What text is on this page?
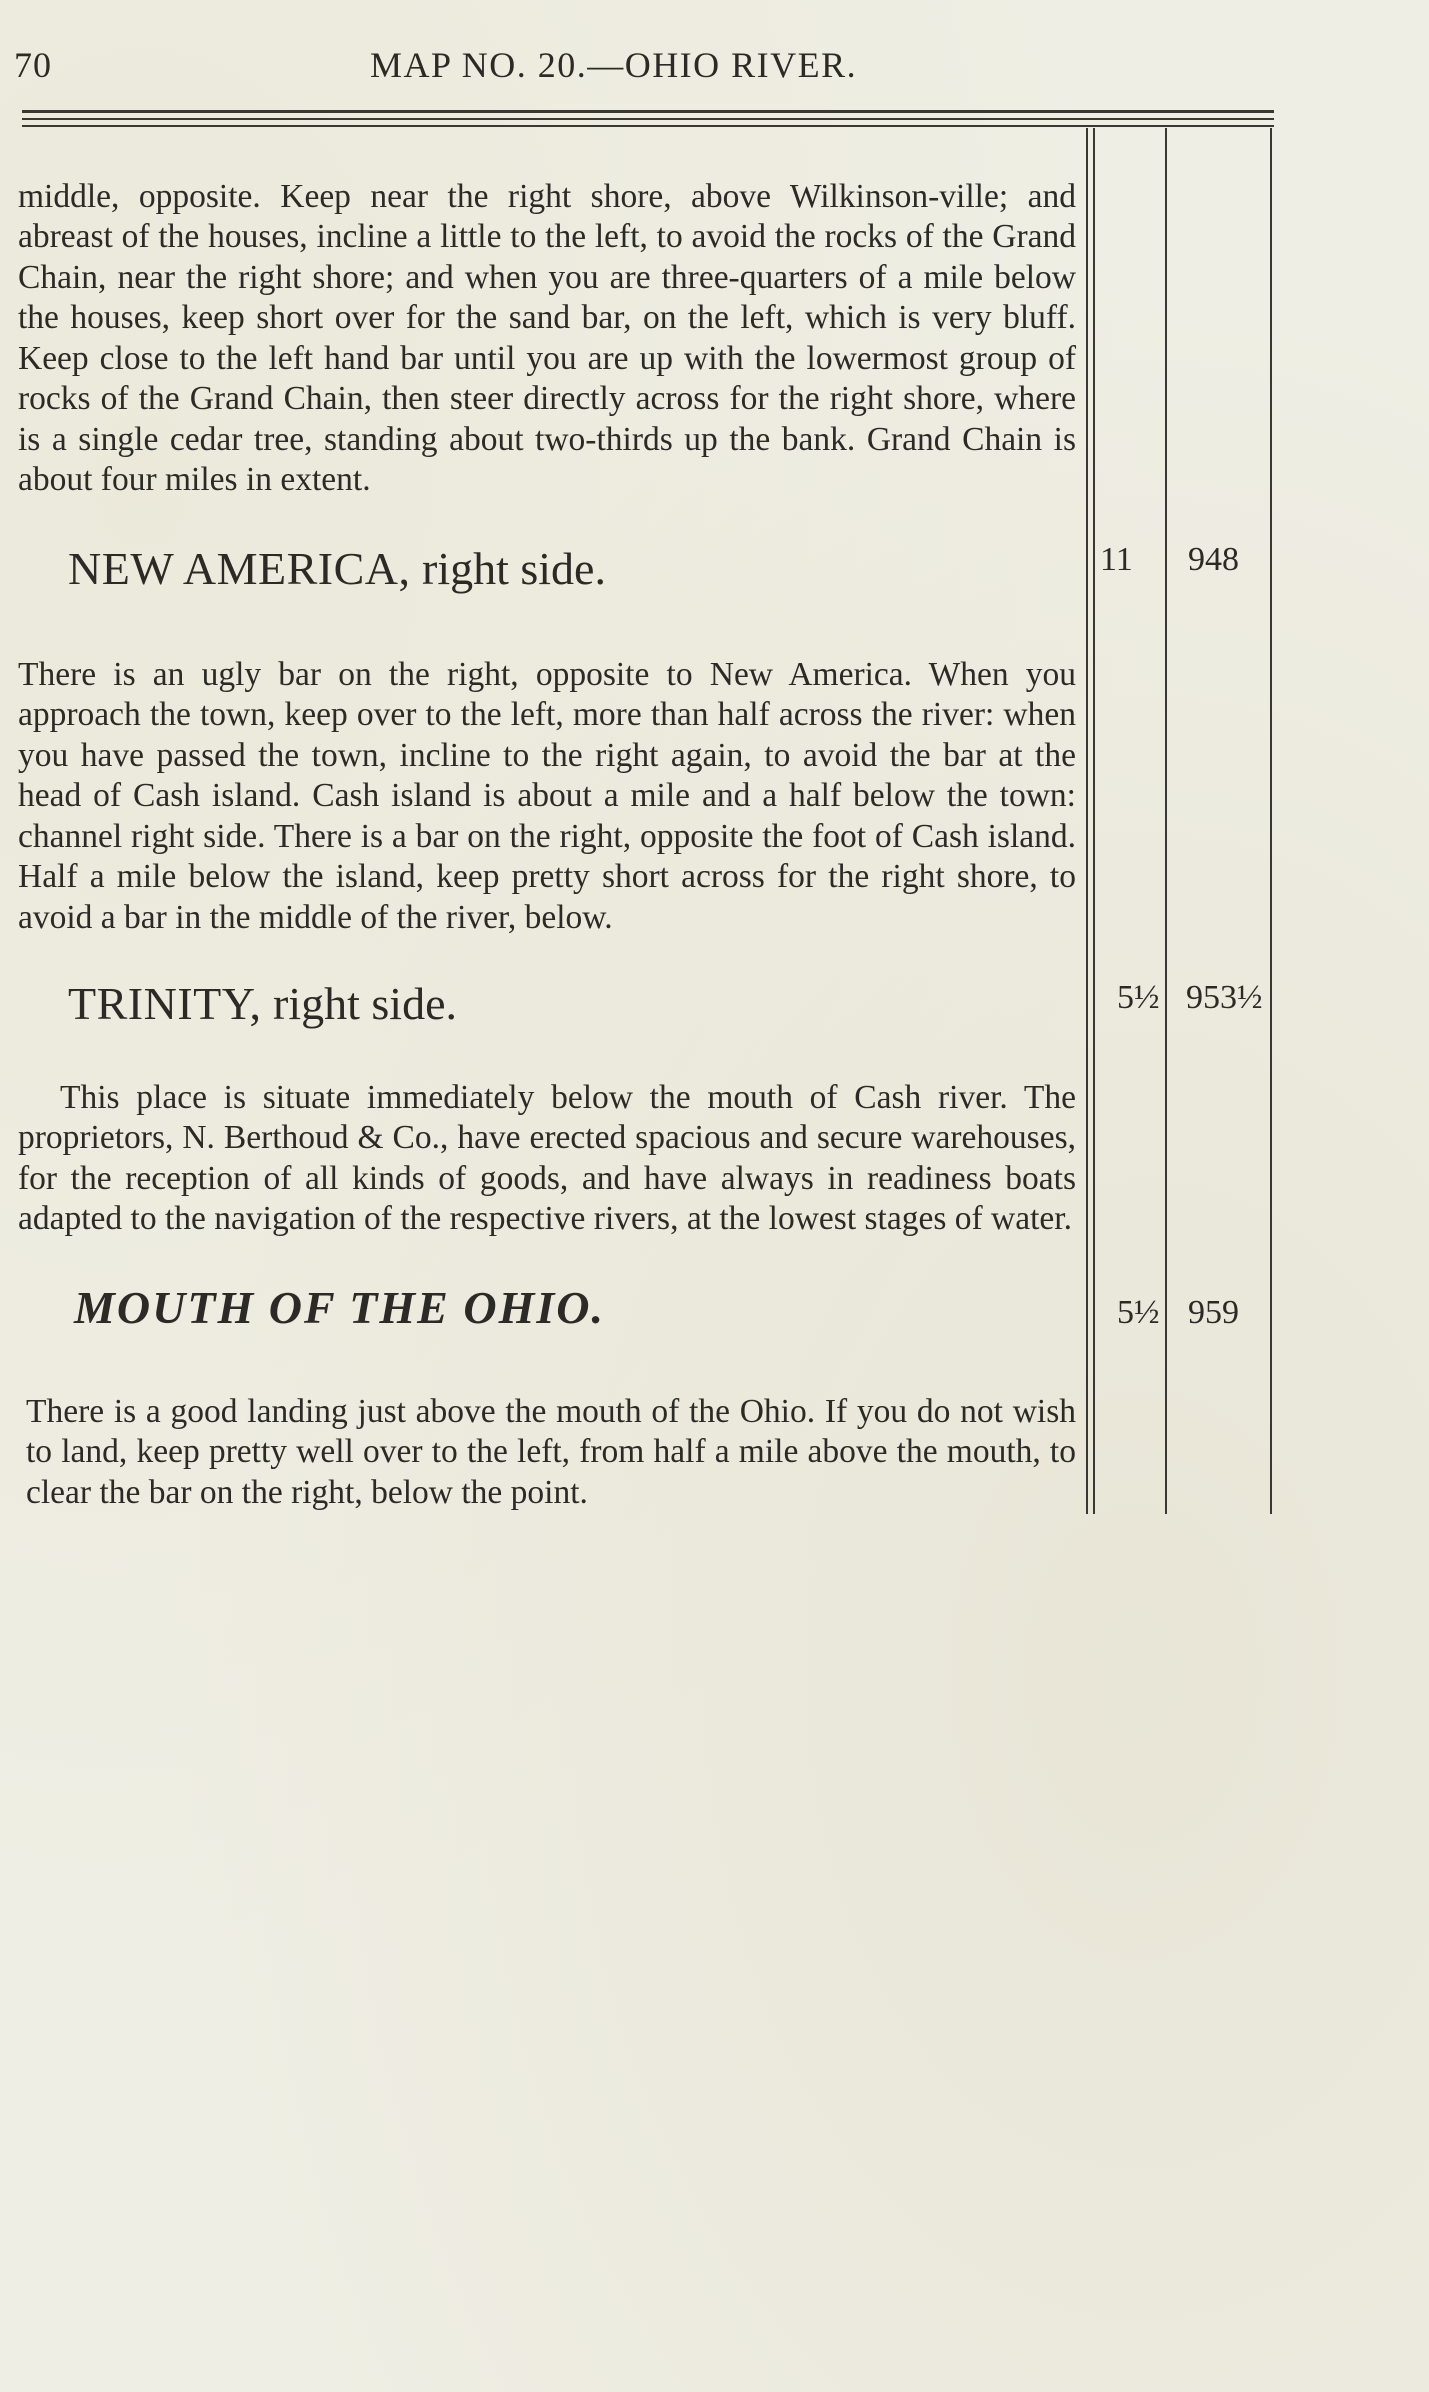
70	MAP NO. 20.—OHIO RIVER.

middle, opposite. Keep near the right shore, above Wilkinson-ville; and abreast of the houses, incline a little to the left, to avoid the rocks of the Grand Chain, near the right shore; and when you are three-quarters of a mile below the houses, keep short over for the sand bar, on the left, which is very bluff. Keep close to the left hand bar until you are up with the lowermost group of rocks of the Grand Chain, then steer directly across for the right shore, where is a single cedar tree, standing about two-thirds up the bank. Grand Chain is about four miles in extent.

NEW AMERICA, right side.	11 948

There is an ugly bar on the right, opposite to New America. When you approach the town, keep over to the left, more than half across the river: when you have passed the town, incline to the right again, to avoid the bar at the head of Cash island. Cash island is about a mile and a half below the town: channel right side. There is a bar on the right, opposite the foot of Cash island. Half a mile below the island, keep pretty short across for the right shore, to avoid a bar in the middle of the river, below.

TRINITY, right side.	5½ 953½

This place is situate immediately below the mouth of Cash river. The proprietors, N. Berthoud & Co., have erected spacious and secure warehouses, for the reception of all kinds of goods, and have always in readiness boats adapted to the navigation of the respective rivers, at the lowest stages of water.

MOUTH OF THE OHIO.	5½ 959

There is a good landing just above the mouth of the Ohio. If you do not wish to land, keep pretty well over to the left, from half a mile above the mouth, to clear the bar on the right, below the point.
